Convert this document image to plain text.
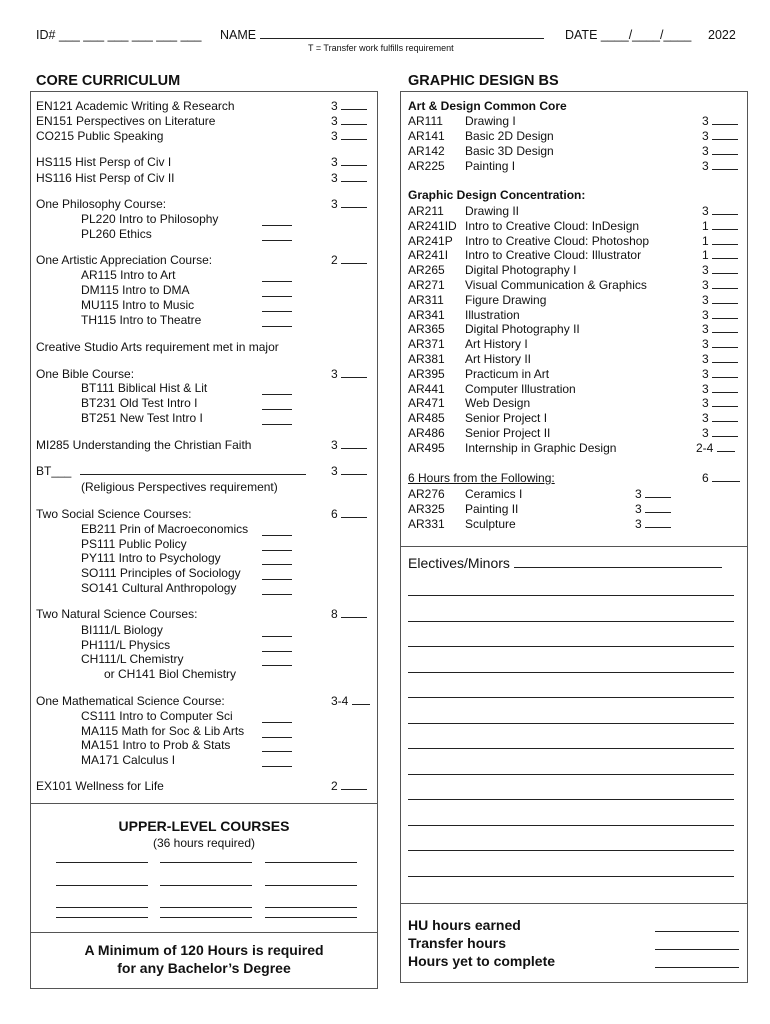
ID# ___ ___ ___ ___ ___ ___ NAME	DATE ____/____/____ 2022
T = Transfer work fulfills requirement
CORE CURRICULUM	GRAPHIC DESIGN BS
EN121 Academic Writing & Research	3
EN151 Perspectives on Literature	3
CO215 Public Speaking	3
HS115 Hist Persp of Civ I	3
HS116 Hist Persp of Civ II	3
One Philosophy Course:	3
PL220 Intro to Philosophy
PL260 Ethics
One Artistic Appreciation Course:	2
AR115 Intro to Art
DM115 Intro to DMA
MU115 Intro to Music
TH115 Intro to Theatre
Creative Studio Arts requirement met in major
One Bible Course:	3
BT111 Biblical Hist & Lit
BT231 Old Test Intro I
BT251 New Test Intro I
MI285 Understanding the Christian Faith	3
BT___	3
(Religious Perspectives requirement)
Two Social Science Courses:	6
EB211 Prin of Macroeconomics
PS111 Public Policy
PY111 Intro to Psychology
SO111 Principles of Sociology
SO141 Cultural Anthropology
Two Natural Science Courses:	8
BI111/L Biology
PH111/L Physics
CH111/L Chemistry
or CH141 Biol Chemistry
One Mathematical Science Course:	3-4
CS111 Intro to Computer Sci
MA115 Math for Soc & Lib Arts
MA151 Intro to Prob & Stats
MA171 Calculus I
EX101 Wellness for Life	2
UPPER-LEVEL COURSES
(36 hours required)
A Minimum of 120 Hours is required
for any Bachelor’s Degree
Art & Design Common Core
AR111 Drawing I	3
AR141 Basic 2D Design	3
AR142 Basic 3D Design	3
AR225 Painting I	3
Graphic Design Concentration:
AR211 Drawing II	3
AR241ID Intro to Creative Cloud: InDesign	1
AR241P Intro to Creative Cloud: Photoshop	1
AR241I Intro to Creative Cloud: Illustrator	1
AR265 Digital Photography I	3
AR271 Visual Communication & Graphics	3
AR311 Figure Drawing	3
AR341 Illustration	3
AR365 Digital Photography II	3
AR371 Art History I	3
AR381 Art History II	3
AR395 Practicum in Art	3
AR441 Computer Illustration	3
AR471 Web Design	3
AR485 Senior Project I	3
AR486 Senior Project II	3
AR495 Internship in Graphic Design	2-4
6 Hours from the Following:	6
AR276 Ceramics I	3
AR325 Painting II	3
AR331 Sculpture	3
Electives/Minors
HU hours earned
Transfer hours
Hours yet to complete
